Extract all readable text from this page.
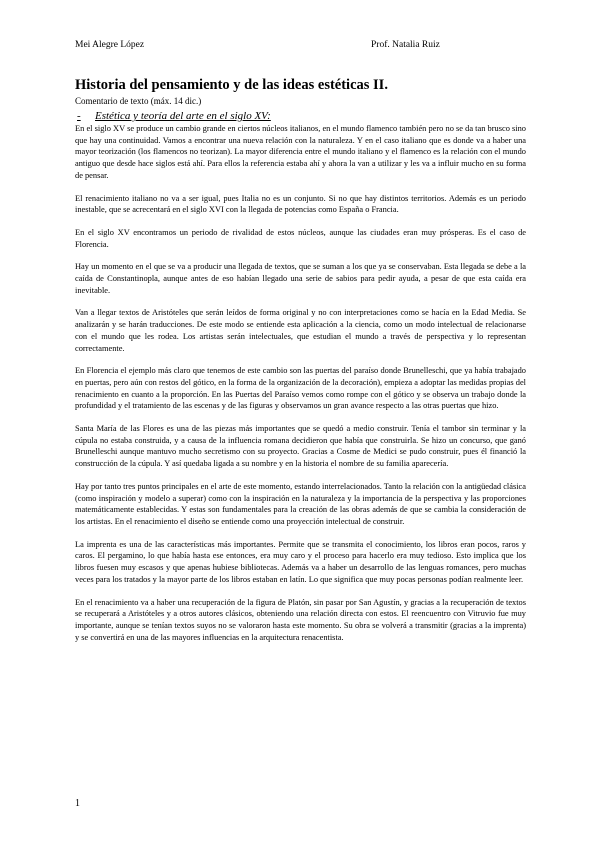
Mei Alegre López	Prof. Natalia Ruiz
Historia del pensamiento y de las ideas estéticas II.

Comentario de texto (máx. 14 dic.)

-	Estética y teoría del arte en el siglo XV:

En el siglo XV se produce un cambio grande en ciertos núcleos italianos, en el mundo flamenco también pero no se da tan brusco sino que hay una continuidad. Vamos a encontrar una nueva relación con la naturaleza. Y en el caso italiano que es donde va a haber una mayor teorización (los flamencos no teorizan). La mayor diferencia entre el mundo italiano y el flamenco es la relación con el mundo antiguo que desde hace siglos está ahí. Para ellos la referencia estaba ahí y ahora la van a utilizar y les va a influir mucho en su forma de pensar.

El renacimiento italiano no va a ser igual, pues Italia no es un conjunto. Si no que hay distintos territorios. Además es un periodo inestable, que se acrecentará en el siglo XVI con la llegada de potencias como España o Francia.

En el siglo XV encontramos un periodo de rivalidad de estos núcleos, aunque las ciudades eran muy prósperas. Es el caso de Florencia.

Hay un momento en el que se va a producir una llegada de textos, que se suman a los que ya se conservaban. Esta llegada se debe a la caída de Constantinopla, aunque antes de eso habían llegado una serie de sabios para pedir ayuda, a pesar de que esta caída era inevitable.

Van a llegar textos de Aristóteles que serán leídos de forma original y no con interpretaciones como se hacía en la Edad Media. Se analizarán y se harán traducciones. De este modo se entiende esta aplicación a la ciencia, como un modo intelectual de relacionarse con el mundo que les rodea. Los artistas serán intelectuales, que estudian el mundo a través de perspectiva y lo representan correctamente.

En Florencia el ejemplo más claro que tenemos de este cambio son las puertas del paraíso donde Brunelleschi, que ya había trabajado en puertas, pero aún con restos del gótico, en la forma de la organización de la decoración), empieza a adoptar las medidas propias del renacimiento en cuanto a la proporción. En las Puertas del Paraíso vemos como rompe con el gótico y se observa un trabajo donde la profundidad y el tratamiento de las escenas y de las figuras y observamos un gran avance respecto a las otras puertas que hizo.

Santa María de las Flores es una de las piezas más importantes que se quedó a medio construir. Tenía el tambor sin terminar y la cúpula no estaba construida, y a causa de la influencia romana decidieron que había que construirla. Se hizo un concurso, que ganó Brunelleschi aunque mantuvo mucho secretismo con su proyecto. Gracias a Cosme de Medici se pudo construir, pues él financió la construcción de la cúpula. Y así quedaba ligada a su nombre y en la historia el nombre de su familia aparecería.

Hay por tanto tres puntos principales en el arte de este momento, estando interrelacionados. Tanto la relación con la antigüedad clásica (como inspiración y modelo a superar) como con la inspiración en la naturaleza y la importancia de la perspectiva y las proporciones matemáticamente establecidas. Y estas son fundamentales para la creación de las obras además de que se cambia la consideración de los artistas. En el renacimiento el diseño se entiende como una proyección intelectual de construir.

La imprenta es una de las características más importantes. Permite que se transmita el conocimiento, los libros eran pocos, raros y caros. El pergamino, lo que había hasta ese entonces, era muy caro y el proceso para hacerlo era muy tedioso. Esto implica que los libros fuesen muy escasos y que apenas hubiese bibliotecas. Además va a haber un desarrollo de las lenguas romances, pero muchas veces para los tratados y la mayor parte de los libros estaban en latín. Lo que significa que muy pocas personas podían realmente leer.

En el renacimiento va a haber una recuperación de la figura de Platón, sin pasar por San Agustín, y gracias a la recuperación de textos se recuperará a Aristóteles y a otros autores clásicos, obteniendo una relación directa con estos. El reencuentro con Vitruvio fue muy importante, aunque se tenían textos suyos no se valoraron hasta este momento. Su obra se volverá a transmitir (gracias a la imprenta) y se convertirá en una de las mayores influencias en la arquitectura renacentista.

1
